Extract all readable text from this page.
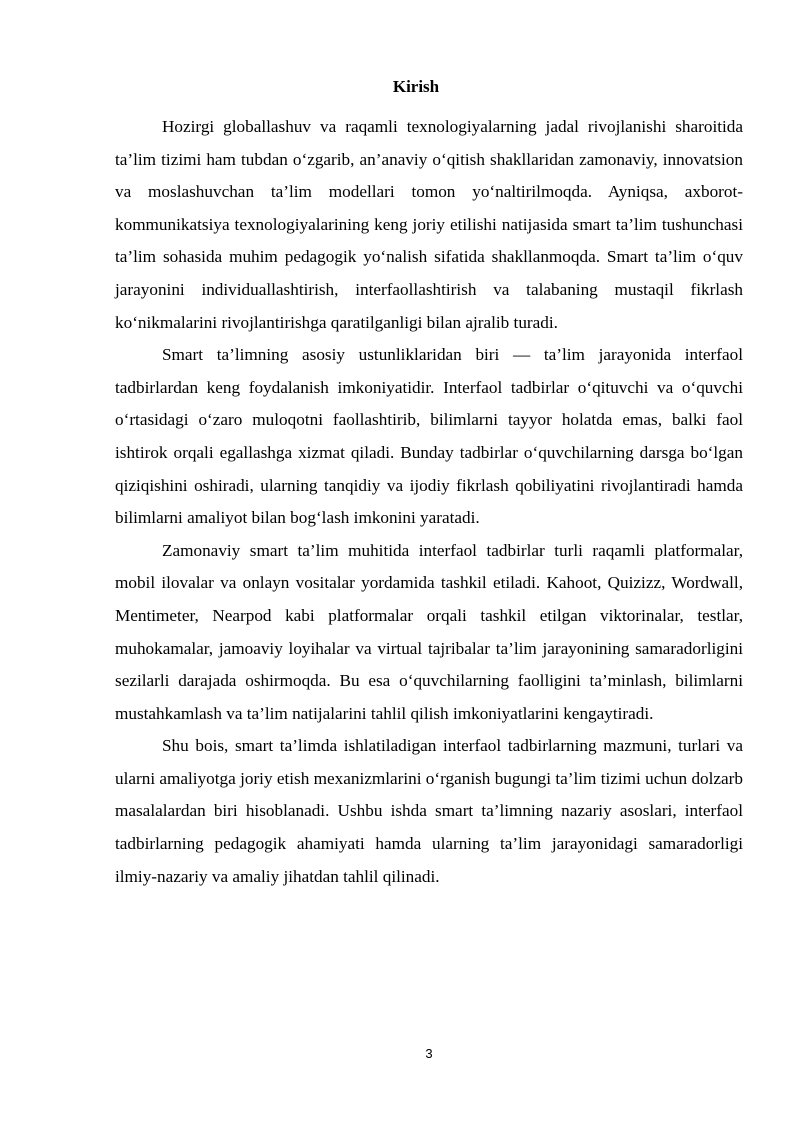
Kirish

Hozirgi globallashuv va raqamli texnologiyalarning jadal rivojlanishi sharoitida ta’lim tizimi ham tubdan o‘zgarib, an’anaviy o‘qitish shakllaridan zamonaviy, innovatsion va moslashuvchan ta’lim modellari tomon yo‘naltirilmoqda. Ayniqsa, axborot-kommunikatsiya texnologiyalarining keng joriy etilishi natijasida smart ta’lim tushunchasi ta’lim sohasida muhim pedagogik yo‘nalish sifatida shakllanmoqda. Smart ta’lim o‘quv jarayonini individuallashtirish, interfaollashtirish va talabaning mustaqil fikrlash ko‘nikmalarini rivojlantirishga qaratilganligi bilan ajralib turadi.

Smart ta’limning asosiy ustunliklaridan biri — ta’lim jarayonida interfaol tadbirlardan keng foydalanish imkoniyatidir. Interfaol tadbirlar o‘qituvchi va o‘quvchi o‘rtasidagi o‘zaro muloqotni faollashtirib, bilimlarni tayyor holatda emas, balki faol ishtirok orqali egallashga xizmat qiladi. Bunday tadbirlar o‘quvchilarning darsga bo‘lgan qiziqishini oshiradi, ularning tanqidiy va ijodiy fikrlash qobiliyatini rivojlantiradi hamda bilimlarni amaliyot bilan bog‘lash imkonini yaratadi.

Zamonaviy smart ta’lim muhitida interfaol tadbirlar turli raqamli platformalar, mobil ilovalar va onlayn vositalar yordamida tashkil etiladi. Kahoot, Quizizz, Wordwall, Mentimeter, Nearpod kabi platformalar orqali tashkil etilgan viktorinalar, testlar, muhokamalar, jamoaviy loyihalar va virtual tajribalar ta’lim jarayonining samaradorligini sezilarli darajada oshirmoqda. Bu esa o‘quvchilarning faolligini ta’minlash, bilimlarni mustahkamlash va ta’lim natijalarini tahlil qilish imkoniyatlarini kengaytiradi.

Shu bois, smart ta’limda ishlatiladigan interfaol tadbirlarning mazmuni, turlari va ularni amaliyotga joriy etish mexanizmlarini o‘rganish bugungi ta’lim tizimi uchun dolzarb masalalardan biri hisoblanadi. Ushbu ishda smart ta’limning nazariy asoslari, interfaol tadbirlarning pedagogik ahamiyati hamda ularning ta’lim jarayonidagi samaradorligi ilmiy-nazariy va amaliy jihatdan tahlil qilinadi.

3
